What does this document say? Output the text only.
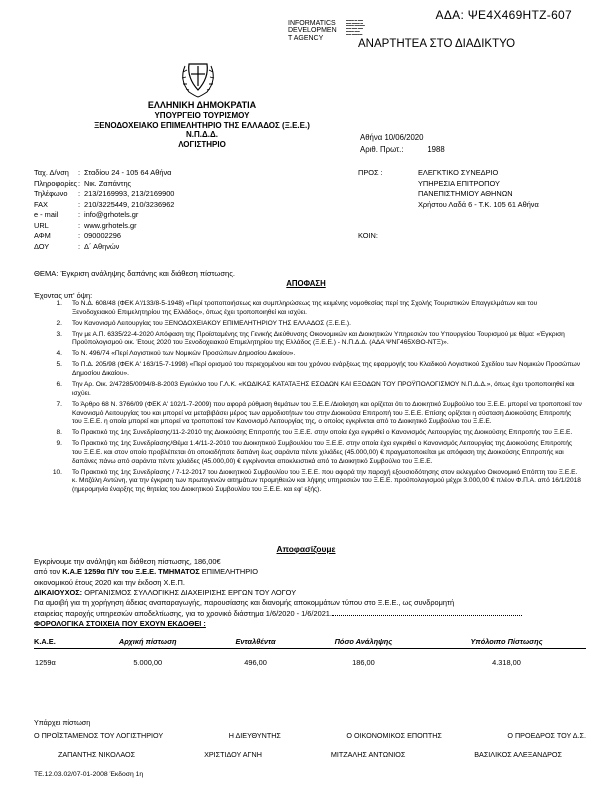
ΑΔΑ: ΨΕ4Χ469ΗΤΖ-607
INFORMATICS
DEVELOPMEN
T AGENCY
▬▬▬ ▬ ▬▬
▬▬ ▬▬▬ ▬
▬▬▬ ▬▬▬▬
▬▬ ▬▬ ▬▬
▬▬▬ ▬▬
▬▬ ▬▬▬▬
ΑΝΑΡΤΗΤΕΑ ΣΤΟ ΔΙΑΔΙΚΤΥΟ
ΕΛΛΗΝΙΚΗ ΔΗΜΟΚΡΑΤΙΑ
ΥΠΟΥΡΓΕΙΟ ΤΟΥΡΙΣΜΟΥ
ΞΕΝΟΔΟΧΕΙΑΚΟ ΕΠΙΜΕΛΗΤΗΡΙΟ ΤΗΣ ΕΛΛΑΔΟΣ (Ξ.Ε.Ε.)
Ν.Π.Δ.Δ.
ΛΟΓΙΣΤΗΡΙΟ
Αθήνα 10/06/2020
Αριθ. Πρωτ.:	1988
Ταχ. Δ/νση : Σταδίου 24 - 105 64 Αθήνα
Πληροφορίες: Νικ. Ζαπάντης
Τηλέφωνο : 213/2169993, 213/2169900
FAX	: 210/3225449, 210/3236962
e - mail	: info@grhotels.gr
URL	: www.grhotels.gr
ΑΦΜ	: 090002296
ΔΟΥ	: Δ΄ Αθηνών
ΠΡΟΣ :	ΕΛΕΓΚΤΙΚΟ ΣΥΝΕΔΡΙΟ
ΥΠΗΡΕΣΙΑ ΕΠΙΤΡΟΠΟΥ
ΠΑΝΕΠΙΣΤΗΜΙΟΥ ΑΘΗΝΩΝ
Χρήστου Λαδά 6 - Τ.Κ. 105 61 Αθήνα

ΚΟΙΝ:
ΘΕΜΑ: Έγκριση ανάληψης δαπάνης και διάθεση πίστωσης.
ΑΠΟΦΑΣΗ
Έχοντας υπ' όψη:
1.	Το Ν.Δ. 608/48 (ΦΕΚ Α'/133/8-5-1948) «Περί τροποποιήσεως και συμπληρώσεως της κειμένης νομοθεσίας περί της Σχολής Τουριστικών Επαγγελμάτων και του Ξενοδοχειακού Επιμελητηρίου της Ελλάδος», όπως έχει τροποποιηθεί και ισχύει.
2.	Τον Κανονισμό Λειτουργίας του ΞΕΝΟΔΟΧΕΙΑΚΟΥ ΕΠΙΜΕΛΗΤΗΡΙΟΥ ΤΗΣ ΕΛΛΑΔΟΣ (Ξ.Ε.Ε.).
3.	Την με Α.Π. 6335/22-4-2020 Απόφαση της Προϊσταμένης της Γενικής Διεύθυνσης Οικονομικών και Διοικητικών Υπηρεσιών του Υπουργείου Τουρισμού με θέμα: «Έγκριση Προϋπολογισμού οικ. Έτους 2020 του Ξενοδοχειακού Επιμελητηρίου της Ελλάδος (Ξ.Ε.Ε.) - Ν.Π.Δ.Δ. (ΑΔΑ ΨΝΓ465ΧΘΟ-ΝΤΞ)».
4.	Το Ν. 496/74 «Περί Λογιστικού των Νομικών Προσώπων Δημοσίου Δικαίου».
5.	Το Π.Δ. 205/98 (ΦΕΚ Α' 163/15-7-1998) «Περί ορισμού του περιεχομένου και του χρόνου ενάρξεως της εφαρμογής του Κλαδικού Λογιστικού Σχεδίου των Νομικών Προσώπων Δημοσίου Δικαίου».
6.	Την Αρ. Οικ. 2/47285/0094/8-8-2003 Εγκύκλιο του Γ.Λ.Κ. «ΚΩΔΙΚΑΣ ΚΑΤΑΤΑΞΗΣ ΕΣΟΔΩΝ ΚΑΙ ΕΞΟΔΩΝ ΤΟΥ ΠΡΟΫΠΟΛΟΓΙΣΜΟΥ Ν.Π.Δ.Δ.», όπως έχει τροποποιηθεί και ισχύει.
7.	Το Άρθρο 68 Ν. 3766/09 (ΦΕΚ Α' 102/1-7-2009) που αφορά ρύθμιση θεμάτων του Ξ.Ε.Ε./Διοίκηση και ορίζεται ότι το Διοικητικό Συμβούλιο του Ξ.Ε.Ε. μπορεί να τροποποιεί τον Κανονισμό Λειτουργίας του και μπορεί να μεταβιβάσει μέρος των αρμοδιοτήτων του στην Διοικούσα Επιτροπή του Ξ.Ε.Ε. Επίσης ορίζεται η σύσταση Διοικούσης Επιτροπής του Ξ.Ε.Ε. η οποία μπορεί και μπορεί να τροποποιεί τον Κανονισμό Λειτουργίας της, ο οποίος εγκρίνεται από το Διοικητικό Συμβούλιο του Ξ.Ε.Ε.
8.	Το Πρακτικό της 1ης Συνεδρίασης/11-2-2010 της Διοικούσης Επιτροπής του Ξ.Ε.Ε. στην οποία έχει εγκριθεί ο Κανονισμός Λειτουργίας της Διοικούσης Επιτροπής του Ξ.Ε.Ε.
9.	Το Πρακτικό της 1ης Συνεδρίασης/Θέμα 1.4/11-2-2010 του Διοικητικού Συμβουλίου του Ξ.Ε.Ε. στην οποία έχει εγκριθεί ο Κανονισμός Λειτουργίας της Διοικούσης Επιτροπής του Ξ.Ε.Ε. και στον οποίο προβλέπεται ότι οποιαδήποτε δαπάνη έως σαράντα πέντε χιλιάδες (45.000,00) € πραγματοποιείται με απόφαση της Διοικούσης Επιτροπής και δαπάνες πάνω από σαράντα πέντε χιλιάδες (45.000,00) € εγκρίνονται αποκλειστικά από το Διοικητικό Συμβούλιο του Ξ.Ε.Ε.
10.	Το Πρακτικό της 1ης Συνεδρίασης / 7-12-2017 του Διοικητικού Συμβουλίου του Ξ.Ε.Ε. που αφορά την παροχή εξουσιοδότησης στον εκλεγμένο Οικονομικό Επόπτη του Ξ.Ε.Ε. κ. Μιτζάλη Αντώνη, για την έγκριση των πρωτογενών αιτημάτων προμηθειών και λήψης υπηρεσιών του Ξ.Ε.Ε. προϋπολογισμού μέχρι 3.000,00 € πλέον Φ.Π.Α. από 16/1/2018 (ημερομηνία έναρξης της θητείας του Διοικητικού Συμβουλίου του Ξ.Ε.Ε. και εφ' εξής).
Αποφασίζουμε
Εγκρίνουμε την ανάληψη και διάθεση πίστωσης, 186,00€
από τον Κ.Α.Ε 1259α Π/Υ του Ξ.Ε.Ε. ΤΜΗΜΑΤΟΣ ΕΠΙΜΕΛΗΤΗΡΙΟ
οικονομικού έτους 2020 και την έκδοση Χ.Ε.Π.
ΔΙΚΑΙΟΥΧΟΣ: ΟΡΓΑΝΙΣΜΟΣ ΣΥΛΛΟΓΙΚΗΣ ΔΙΑΧΕΙΡΙΣΗΣ ΕΡΓΩΝ ΤΟΥ ΛΟΓΟΥ
Για αμοιβή για τη χορήγηση άδειας αναπαραγωγής, παρουσίασης και διανομής αποκομμάτων τύπου στο Ξ.Ε.Ε., ως συνδρομητή
εταιρείας παροχής υπηρεσιών αποδελτίωσης, για το χρονικό διάστημα 1/6/2020 - 1/6/2021.
ΦΟΡΟΛΟΓΙΚΑ ΣΤΟΙΧΕΙΑ ΠΟΥ ΕΧΟΥΝ ΕΚΔΟΘΕΙ :
Κ.Α.Ε.	Αρχική πίστωση	Ενταλθέντα	Πόσο Ανάληψης	Υπόλοιπο Πίστωσης
1259α	5.000,00	496,00	186,00	4.318,00
Υπάρχει πίστωση
Ο ΠΡΟΪΣΤΑΜΕΝΟΣ ΤΟΥ ΛΟΓΙΣΤΗΡΙΟΥ	Η ΔΙΕΥΘΥΝΤΗΣ	Ο ΟΙΚΟΝΟΜΙΚΟΣ ΕΠΟΠΤΗΣ	Ο ΠΡΟΕΔΡΟΣ ΤΟΥ Δ.Σ.
ΖΑΠΑΝΤΗΣ ΝΙΚΟΛΑΟΣ	ΧΡΙΣΤΙΔΟΥ ΑΓΝΗ	ΜΙΤΖΑΛΗΣ ΑΝΤΩΝΙΟΣ	ΒΑΣΙΛΙΚΟΣ ΑΛΕΞΑΝΔΡΟΣ
ΤΕ.12.03.02/07-01-2008 Έκδοση 1η
